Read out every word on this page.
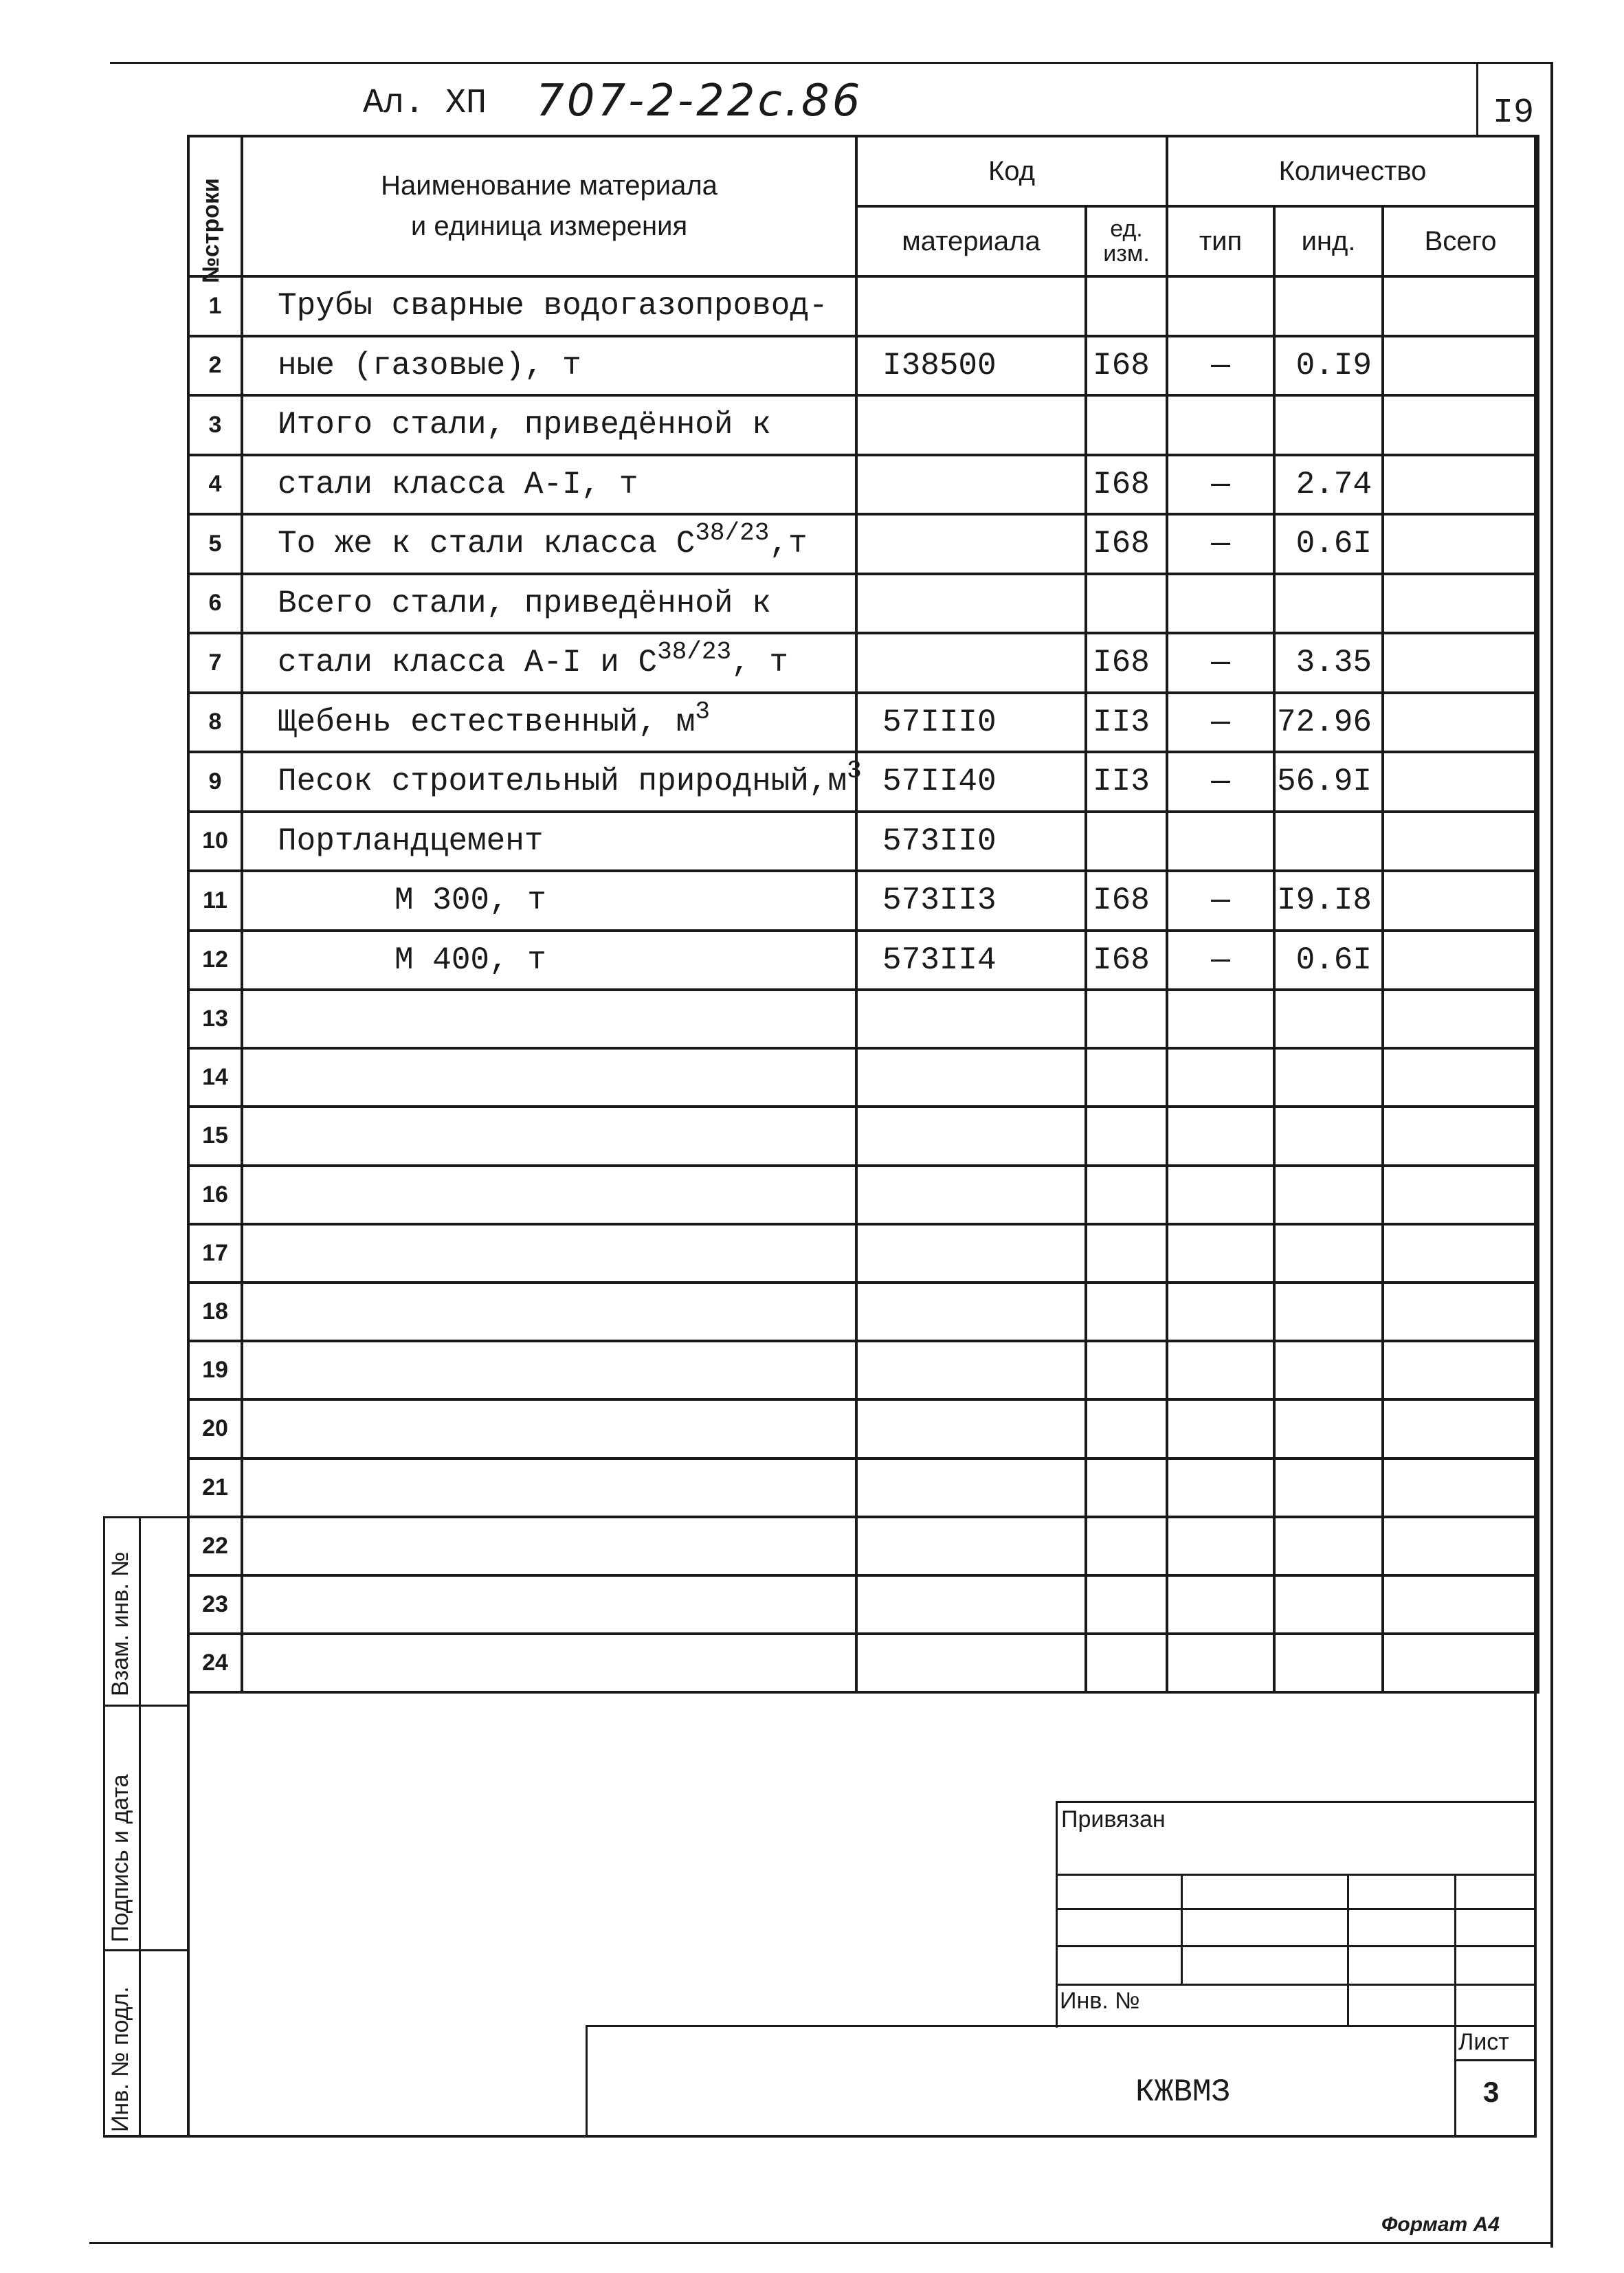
Ал. ХП 707-2-22с.86	I9
№строки	Наименование материала
и единица измерения	Код		Количество		
		материала	ед.
изм.	тип	инд.	Всего
1	Трубы сварные водогазопровод-					
2	ные (газовые), т	I38500	I68	—	0.I9	
3	Итого стали, приведённой к					
4	стали класса А-I, т		I68	—	2.74	
5	То же к стали класса $С^{38/23},т$		I68	—	0.6I	
6	Всего стали, приведённой к					
7	стали класса А-I и $С^{38/23}$, т		I68	—	3.35	
8	Щебень естественный, $м^3$	57III0	II3	—	72.96	
9	Песок строительный $природный,м^3$	57II40	II3	—	56.9I	
10	Портландцемент	573II0				
11	М 300, т	573II3	I68	—	I9.I8	
12	М 400, т	573II4	I68	—	0.6I	
13						
14						
15						
16						
17						
18						
19						
20						
21						
22						
23						
24						
Взам. инв. №
Подпись и дата
Инв. № подл.
Привязан
Инв. №
КЖВМЗ
Лист
3
Формат А4
